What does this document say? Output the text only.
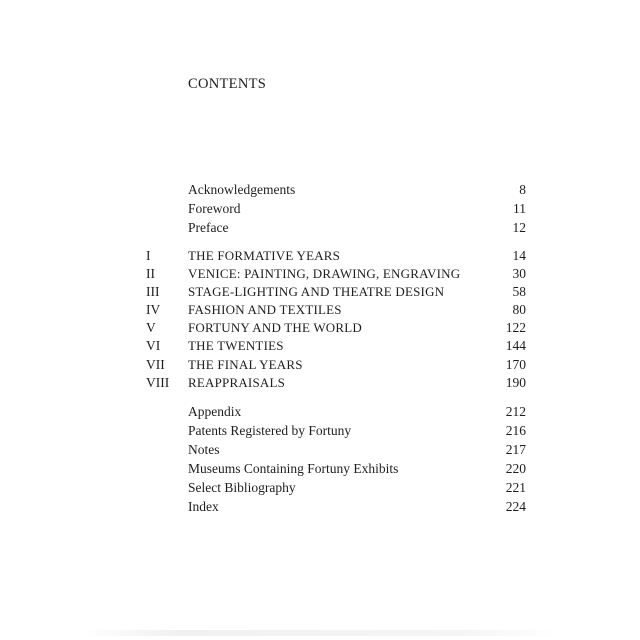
CONTENTS
Acknowledgements	8
Foreword	11
Preface	12
I	THE FORMATIVE YEARS	14
II	VENICE: PAINTING, DRAWING, ENGRAVING	30
III STAGE-LIGHTING AND THEATRE DESIGN	58
IV FASHION AND TEXTILES	80
V FORTUNY AND THE WORLD	122
VI THE TWENTIES	144
VII THE FINAL YEARS	170
VIII REAPPRAISALS	190
Appendix	212
Patents Registered by Fortuny	216
Notes	217
Museums Containing Fortuny Exhibits	220
Select Bibliography	221
Index	224
